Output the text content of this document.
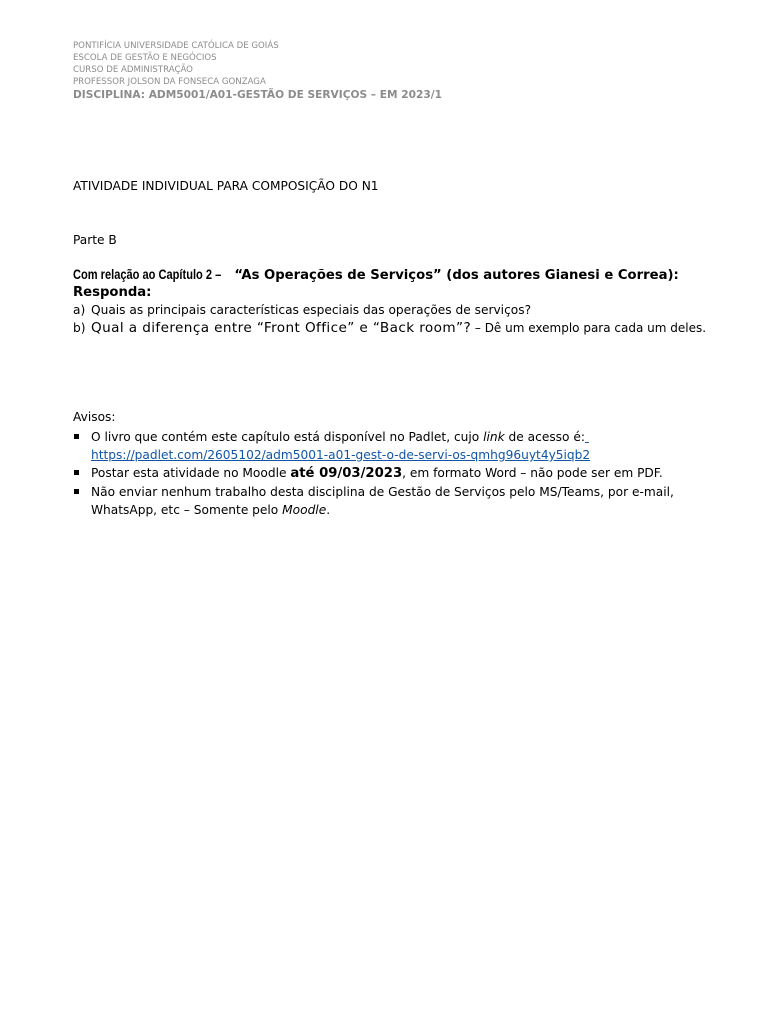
PONTIFÍCIA UNIVERSIDADE CATÓLICA DE GOIÁS
ESCOLA DE GESTÃO E NEGÓCIOS
CURSO DE ADMINISTRAÇÃO
PROFESSOR JOLSON DA FONSECA GONZAGA
DISCIPLINA: ADM5001/A01-GESTÃO DE SERVIÇOS – EM 2023/1
ATIVIDADE INDIVIDUAL PARA COMPOSIÇÃO DO N1
Parte B
Com relação ao Capítulo 2 – “As Operações de Serviços” (dos autores Gianesi e Correa):
Responda:
a) Quais as principais características especiais das operações de serviços?
b) Qual a diferença entre “Front Office” e “Back room”? – Dê um exemplo para cada um deles.
Avisos:
O livro que contém este capítulo está disponível no Padlet, cujo link de acesso é:
https://padlet.com/2605102/adm5001-a01-gest-o-de-servi-os-qmhg96uyt4y5iqb2
Postar esta atividade no Moodle até 09/03/2023, em formato Word – não pode ser em PDF.
Não enviar nenhum trabalho desta disciplina de Gestão de Serviços pelo MS/Teams, por e-mail,
WhatsApp, etc – Somente pelo Moodle.
